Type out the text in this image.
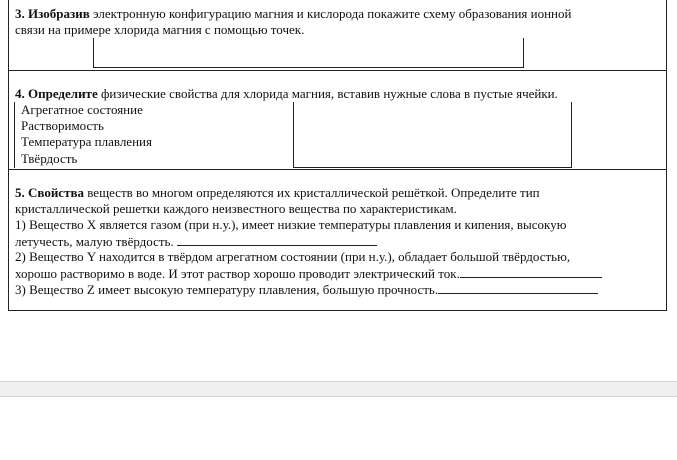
3. Изобразив электронную конфигурацию магния и кислорода покажите схему образования ионной

связи на примере хлорида магния с помощью точек.

4. Определите физические свойства для хлорида магния, вставив нужные слова в пустые ячейки.

Агрегатное состояние	
Растворимость	
Температура плавления	
Твёрдость	

5. Свойства веществ во многом определяются их кристаллической решёткой. Определите тип

кристаллической решетки каждого неизвестного вещества по характеристикам.

1) Вещество X является газом (при н.у.), имеет низкие температуры плавления и кипения, высокую

летучесть, малую твёрдость.

2) Вещество Y находится в твёрдом агрегатном состоянии (при н.у.), обладает большой твёрдостью,

хорошо растворимо в воде. И этот раствор хорошо проводит электрический ток.

3) Вещество Z имеет высокую температуру плавления, большую прочность.
